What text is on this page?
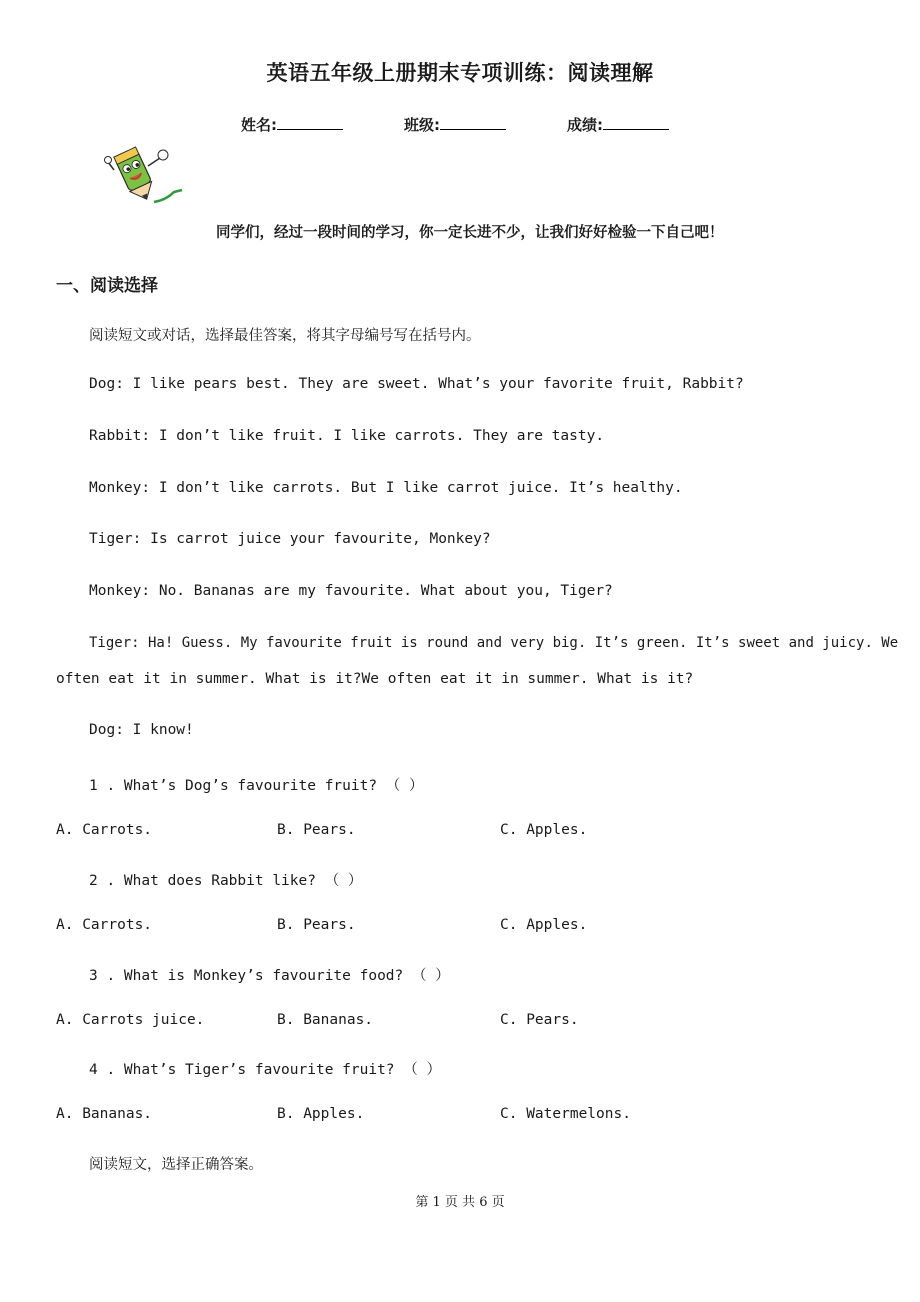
英语五年级上册期末专项训练：阅读理解
姓名:	班级:	成绩:
同学们，经过一段时间的学习，你一定长进不少，让我们好好检验一下自己吧！
一、阅读选择
阅读短文或对话，选择最佳答案，将其字母编号写在括号内。
Dog: I like pears best. They are sweet. What’s your favorite fruit, Rabbit?
Rabbit: I don’t like fruit. I like carrots. They are tasty.
Monkey: I don’t like carrots. But I like carrot juice. It’s healthy.
Tiger: Is carrot juice your favourite, Monkey?
Monkey: No. Bananas are my favourite. What about you, Tiger?
Tiger: Ha! Guess. My favourite fruit is round and very big. It’s green. It’s sweet and juicy. We
often eat it in summer. What is it?We often eat it in summer. What is it?
Dog: I know!
1 . What’s Dog’s favourite fruit? （ ）
A. Carrots.	B. Pears.	C. Apples.
2 . What does Rabbit like? （ ）
A. Carrots.	B. Pears.	C. Apples.
3 . What is Monkey’s favourite food? （ ）
A. Carrots juice.	B. Bananas.	C. Pears.
4 . What’s Tiger’s favourite fruit? （ ）
A. Bananas.	B. Apples.	C. Watermelons.
阅读短文，选择正确答案。
第 1 页 共 6 页
